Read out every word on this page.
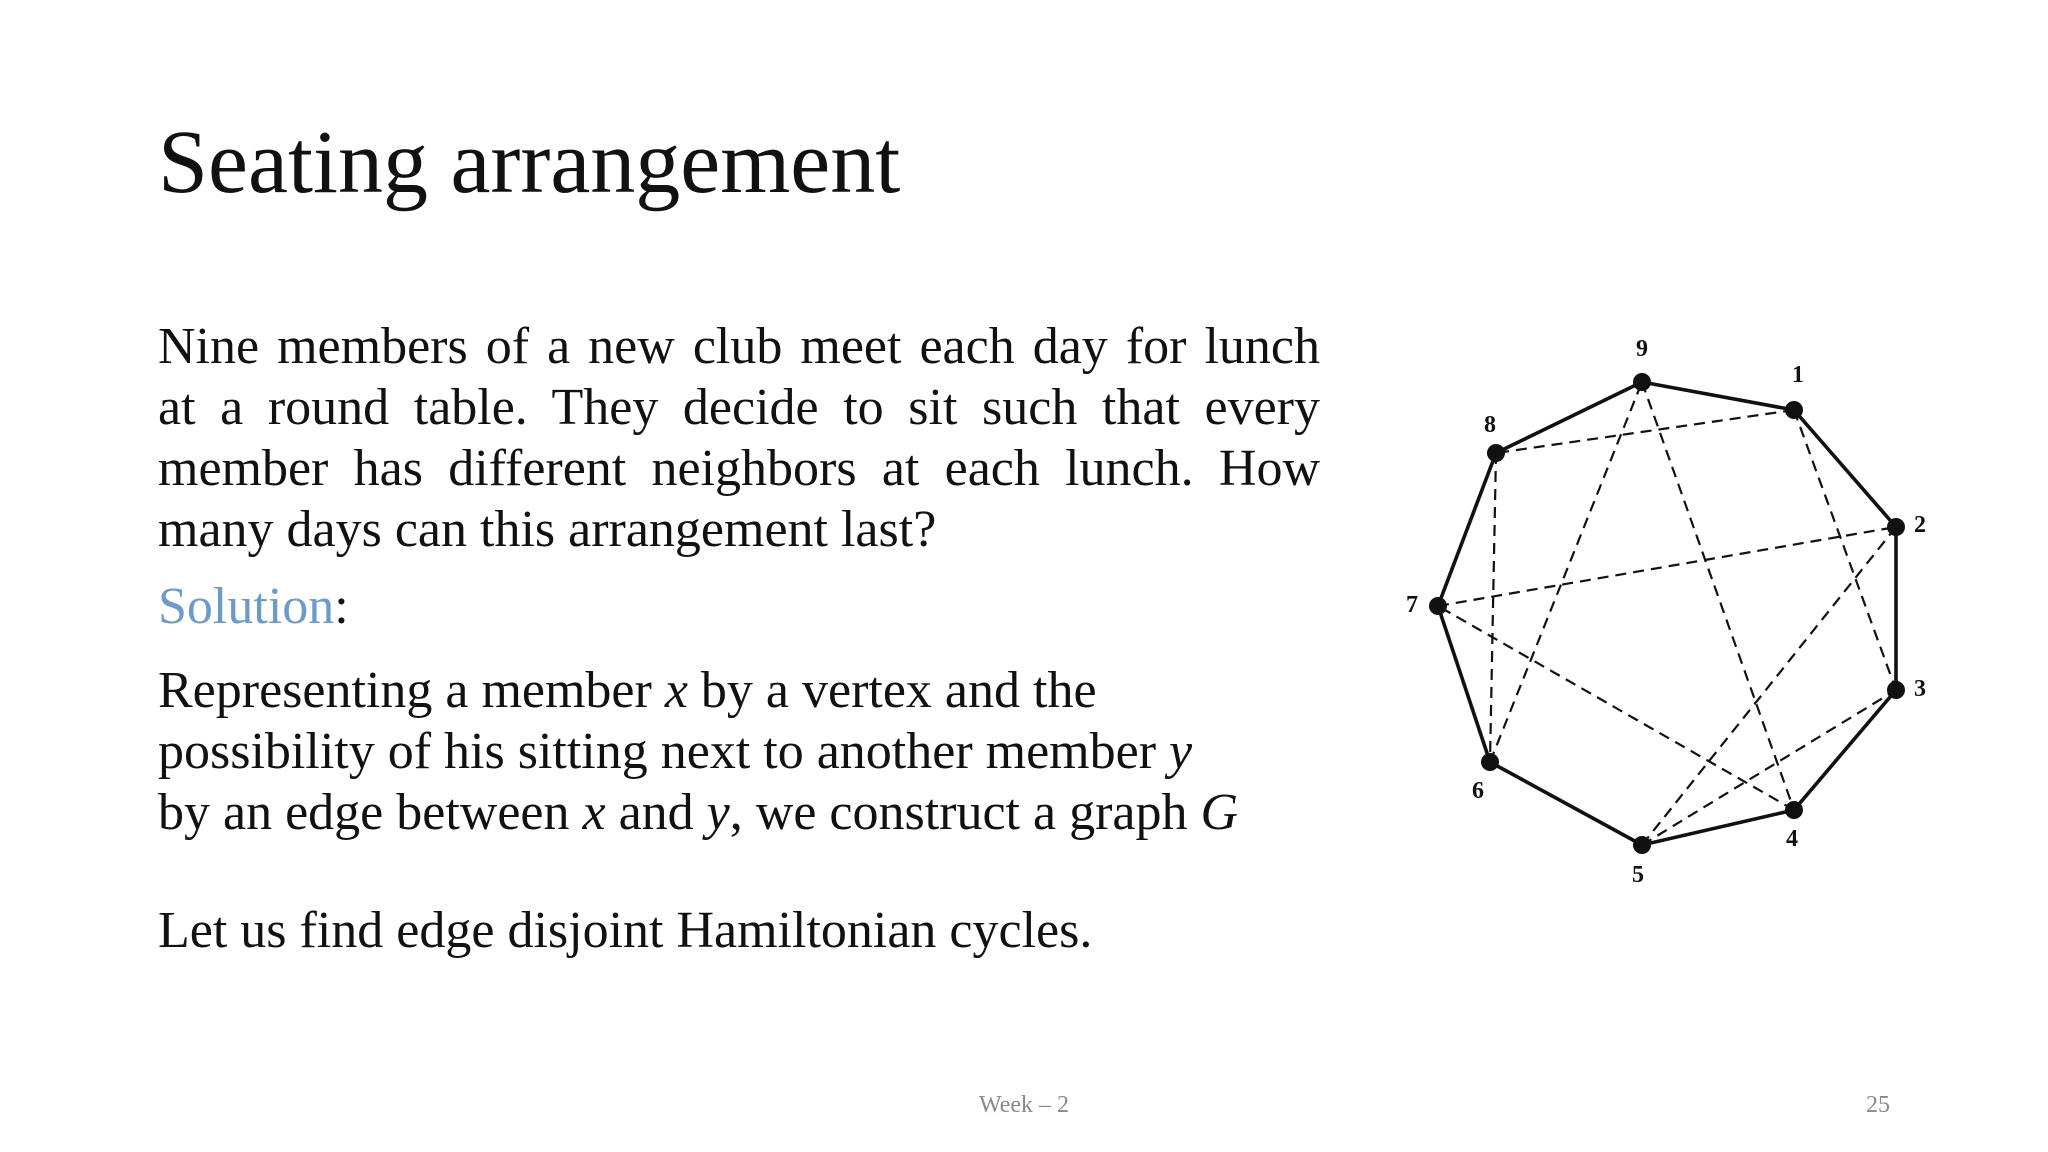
Seating arrangement

Nine members of a new club meet each day for lunch at a round table. They decide to sit such that every member has different neighbors at each lunch. How many days can this arrangement last?

Solution:

Representing a member x by a vertex and the possibility of his sitting next to another member y
by an edge between x and y, we construct a graph G

Let us find edge disjoint Hamiltonian cycles.

1
2
3
4
5
6
7
8
9
Week – 2	25
